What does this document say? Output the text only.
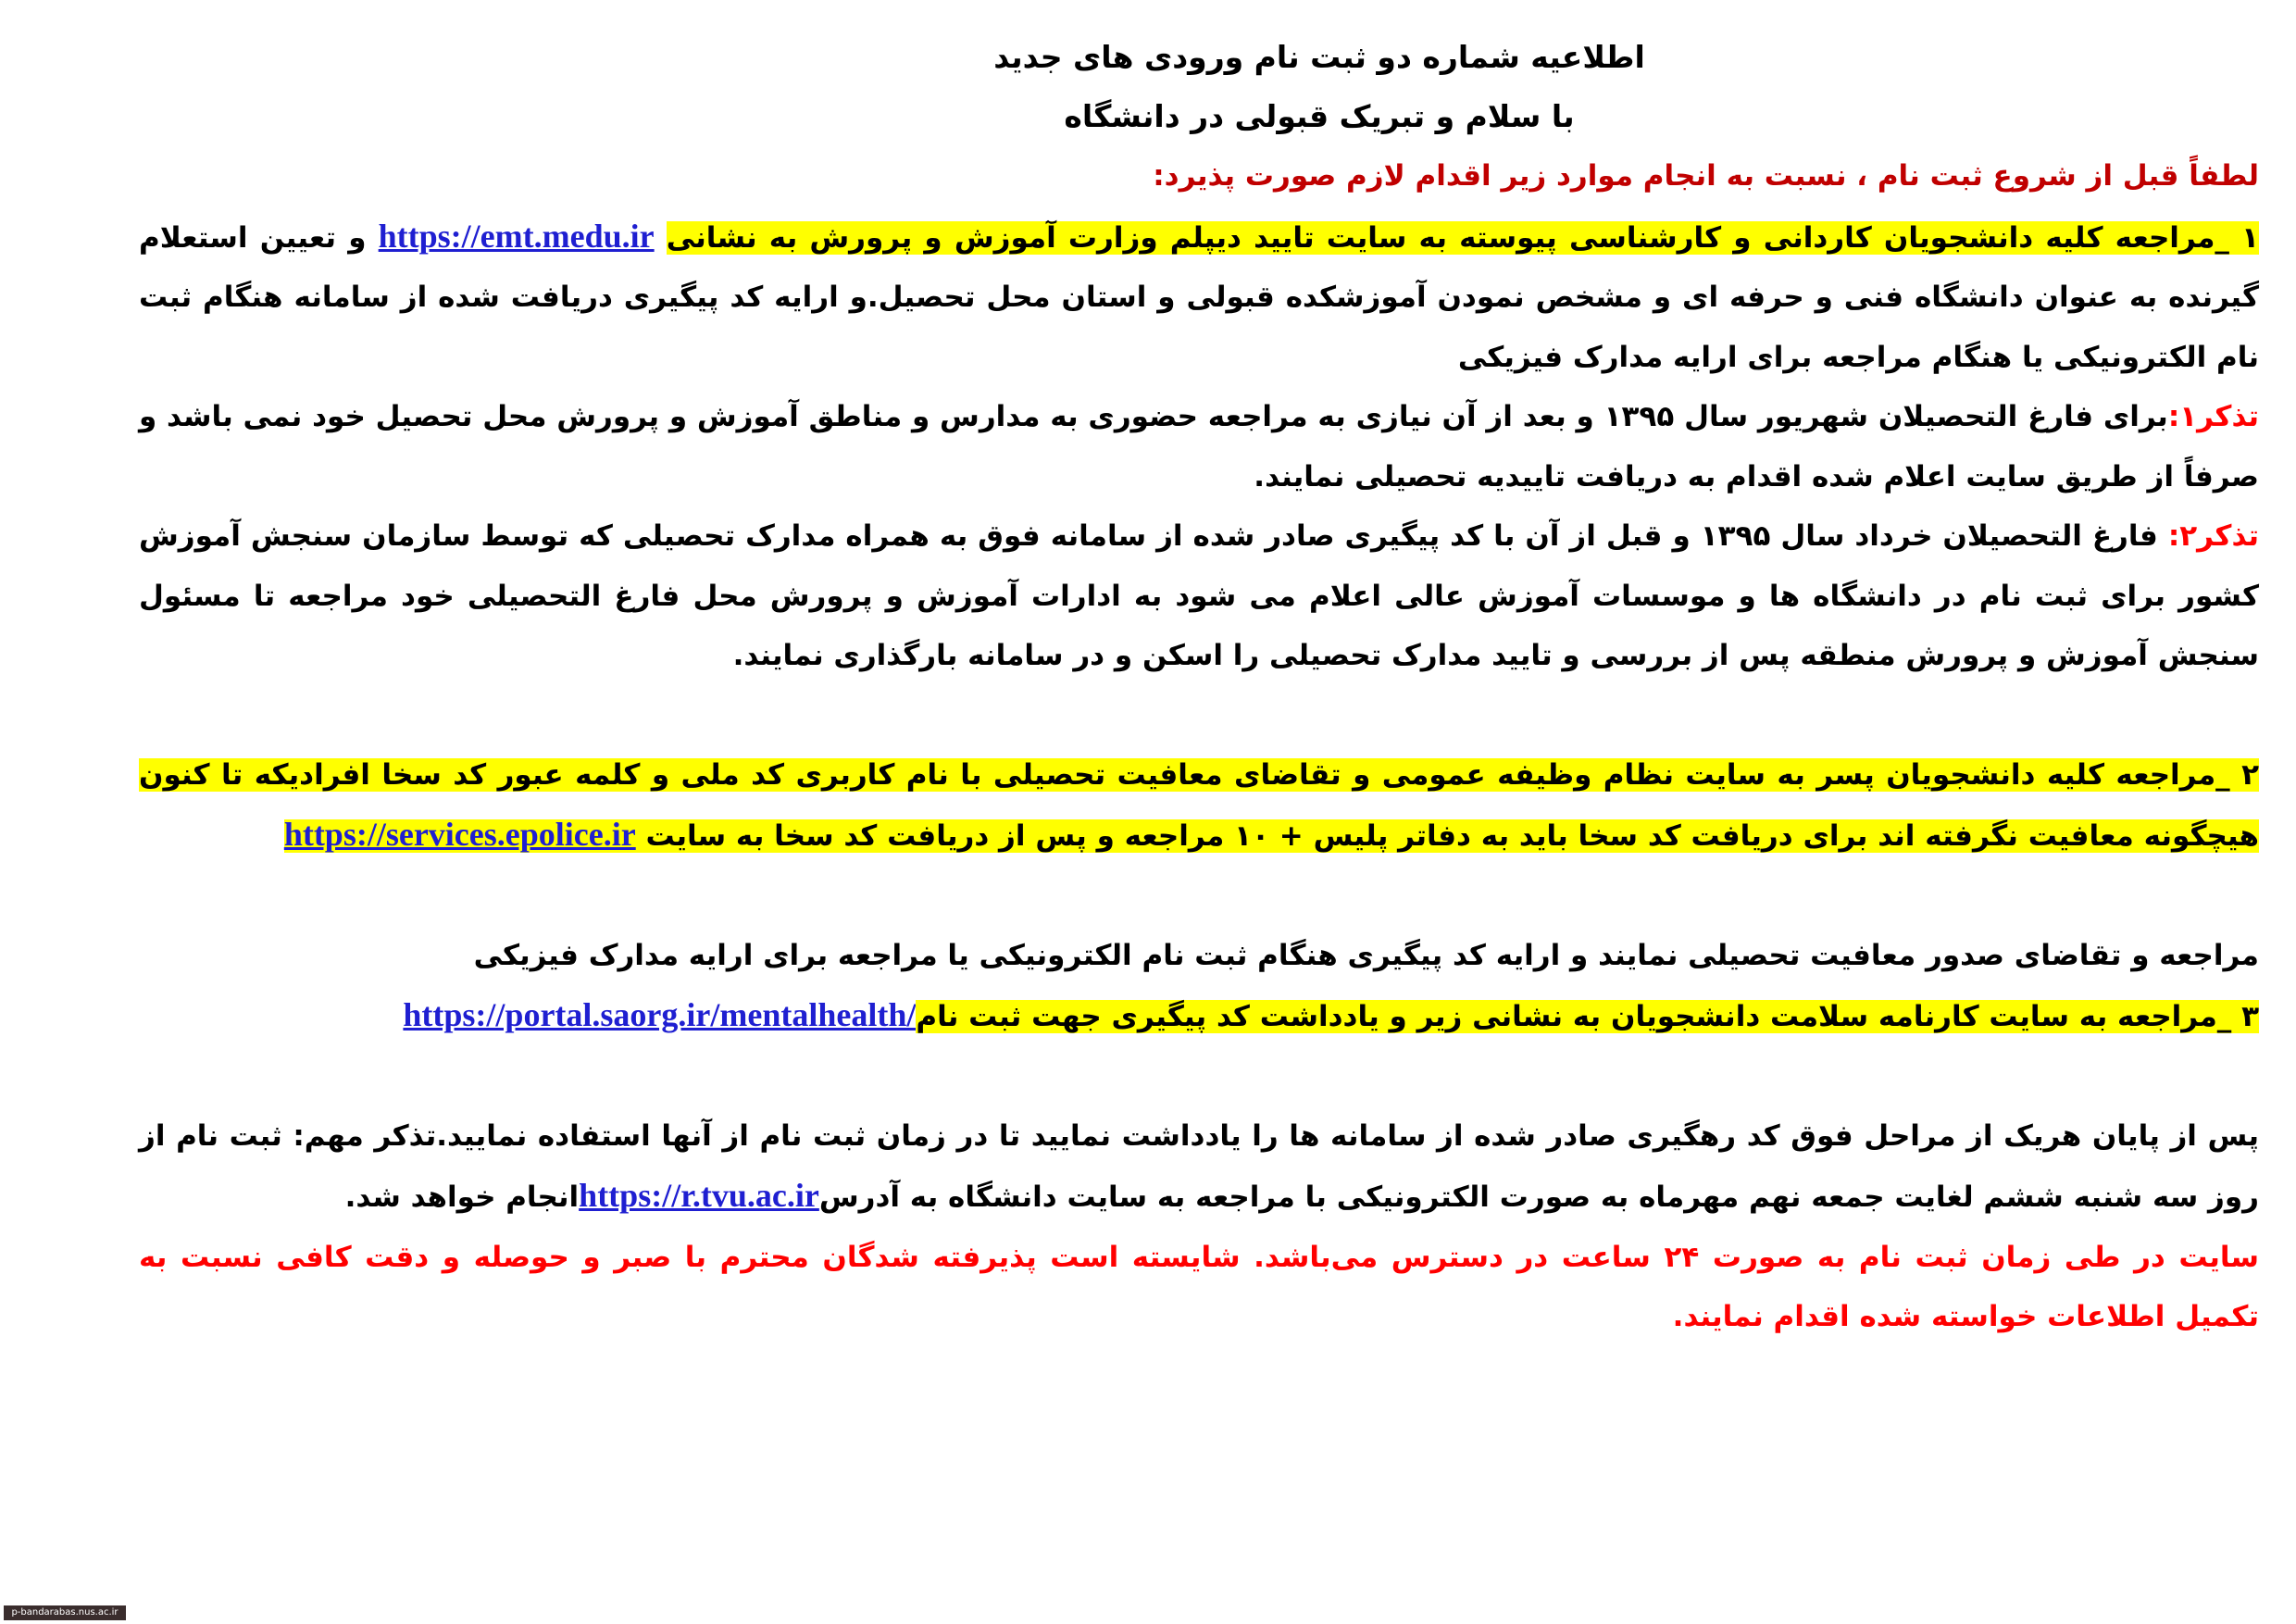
اطلاعیه شماره دو ثبت نام ورودی های جدید
با سلام و تبریک قبولی در دانشگاه

لطفاً قبل از شروع ثبت نام ، نسبت به انجام موارد زیر اقدام لازم صورت پذیرد:

۱ _مراجعه کلیه دانشجویان کاردانی و کارشناسی پیوسته به سایت تایید دیپلم وزارت آموزش و پرورش به نشانی https://emt.medu.ir و تعیین استعلام گیرنده به عنوان دانشگاه فنی و حرفه ای و مشخص نمودن آموزشکده قبولی و استان محل تحصیل.و ارایه کد پیگیری دریافت شده از سامانه هنگام ثبت نام الکترونیکی یا هنگام مراجعه برای ارایه مدارک فیزیکی

تذکر۱:برای فارغ التحصیلان شهریور سال ۱۳۹۵ و بعد از آن نیازی به مراجعه حضوری به مدارس و مناطق آموزش و پرورش محل تحصیل خود نمی باشد و صرفاً از طریق سایت اعلام شده اقدام به دریافت تاییدیه تحصیلی نمایند.

تذکر۲: فارغ التحصیلان خرداد سال ۱۳۹۵ و قبل از آن با کد پیگیری صادر شده از سامانه فوق به همراه مدارک تحصیلی که توسط سازمان سنجش آموزش کشور برای ثبت نام در دانشگاه ها و موسسات آموزش عالی اعلام می شود به ادارات آموزش و پرورش محل فارغ التحصیلی خود مراجعه تا مسئول سنجش آموزش و پرورش منطقه پس از بررسی و تایید مدارک تحصیلی را اسکن و در سامانه بارگذاری نمایند.

۲ _مراجعه کلیه دانشجویان پسر به سایت نظام وظیفه عمومی و تقاضای معافیت تحصیلی با نام کاربری کد ملی و کلمه عبور کد سخا افرادیکه تا کنون هیچگونه معافیت نگرفته اند برای دریافت کد سخا باید به دفاتر پلیس + ۱۰ مراجعه و پس از دریافت کد سخا به سایت https://services.epolice.ir

مراجعه و تقاضای صدور معافیت تحصیلی نمایند و ارایه کد پیگیری هنگام ثبت نام الکترونیکی یا مراجعه برای ارایه مدارک فیزیکی

۳ _مراجعه به سایت کارنامه سلامت دانشجویان به نشانی زیر و یادداشت کد پیگیری جهت ثبت نامhttps://portal.saorg.ir/mentalhealth/

پس از پایان هریک از مراحل فوق کد رهگیری صادر شده از سامانه ها را یادداشت نمایید تا در زمان ثبت نام از آنها استفاده نمایید.تذکر مهم: ثبت نام از روز سه شنبه ششم لغایت جمعه نهم مهرماه به صورت الکترونیکی با مراجعه به سایت دانشگاه به آدرسhttps://r.tvu.ac.irانجام خواهد شد.

سایت در طی زمان ثبت نام به صورت ۲۴ ساعت در دسترس می‌باشد. شایسته است پذیرفته شدگان محترم با صبر و حوصله و دقت کافی نسبت به تکمیل اطلاعات خواسته شده اقدام نمایند.

p-bandarabas.nus.ac.ir
